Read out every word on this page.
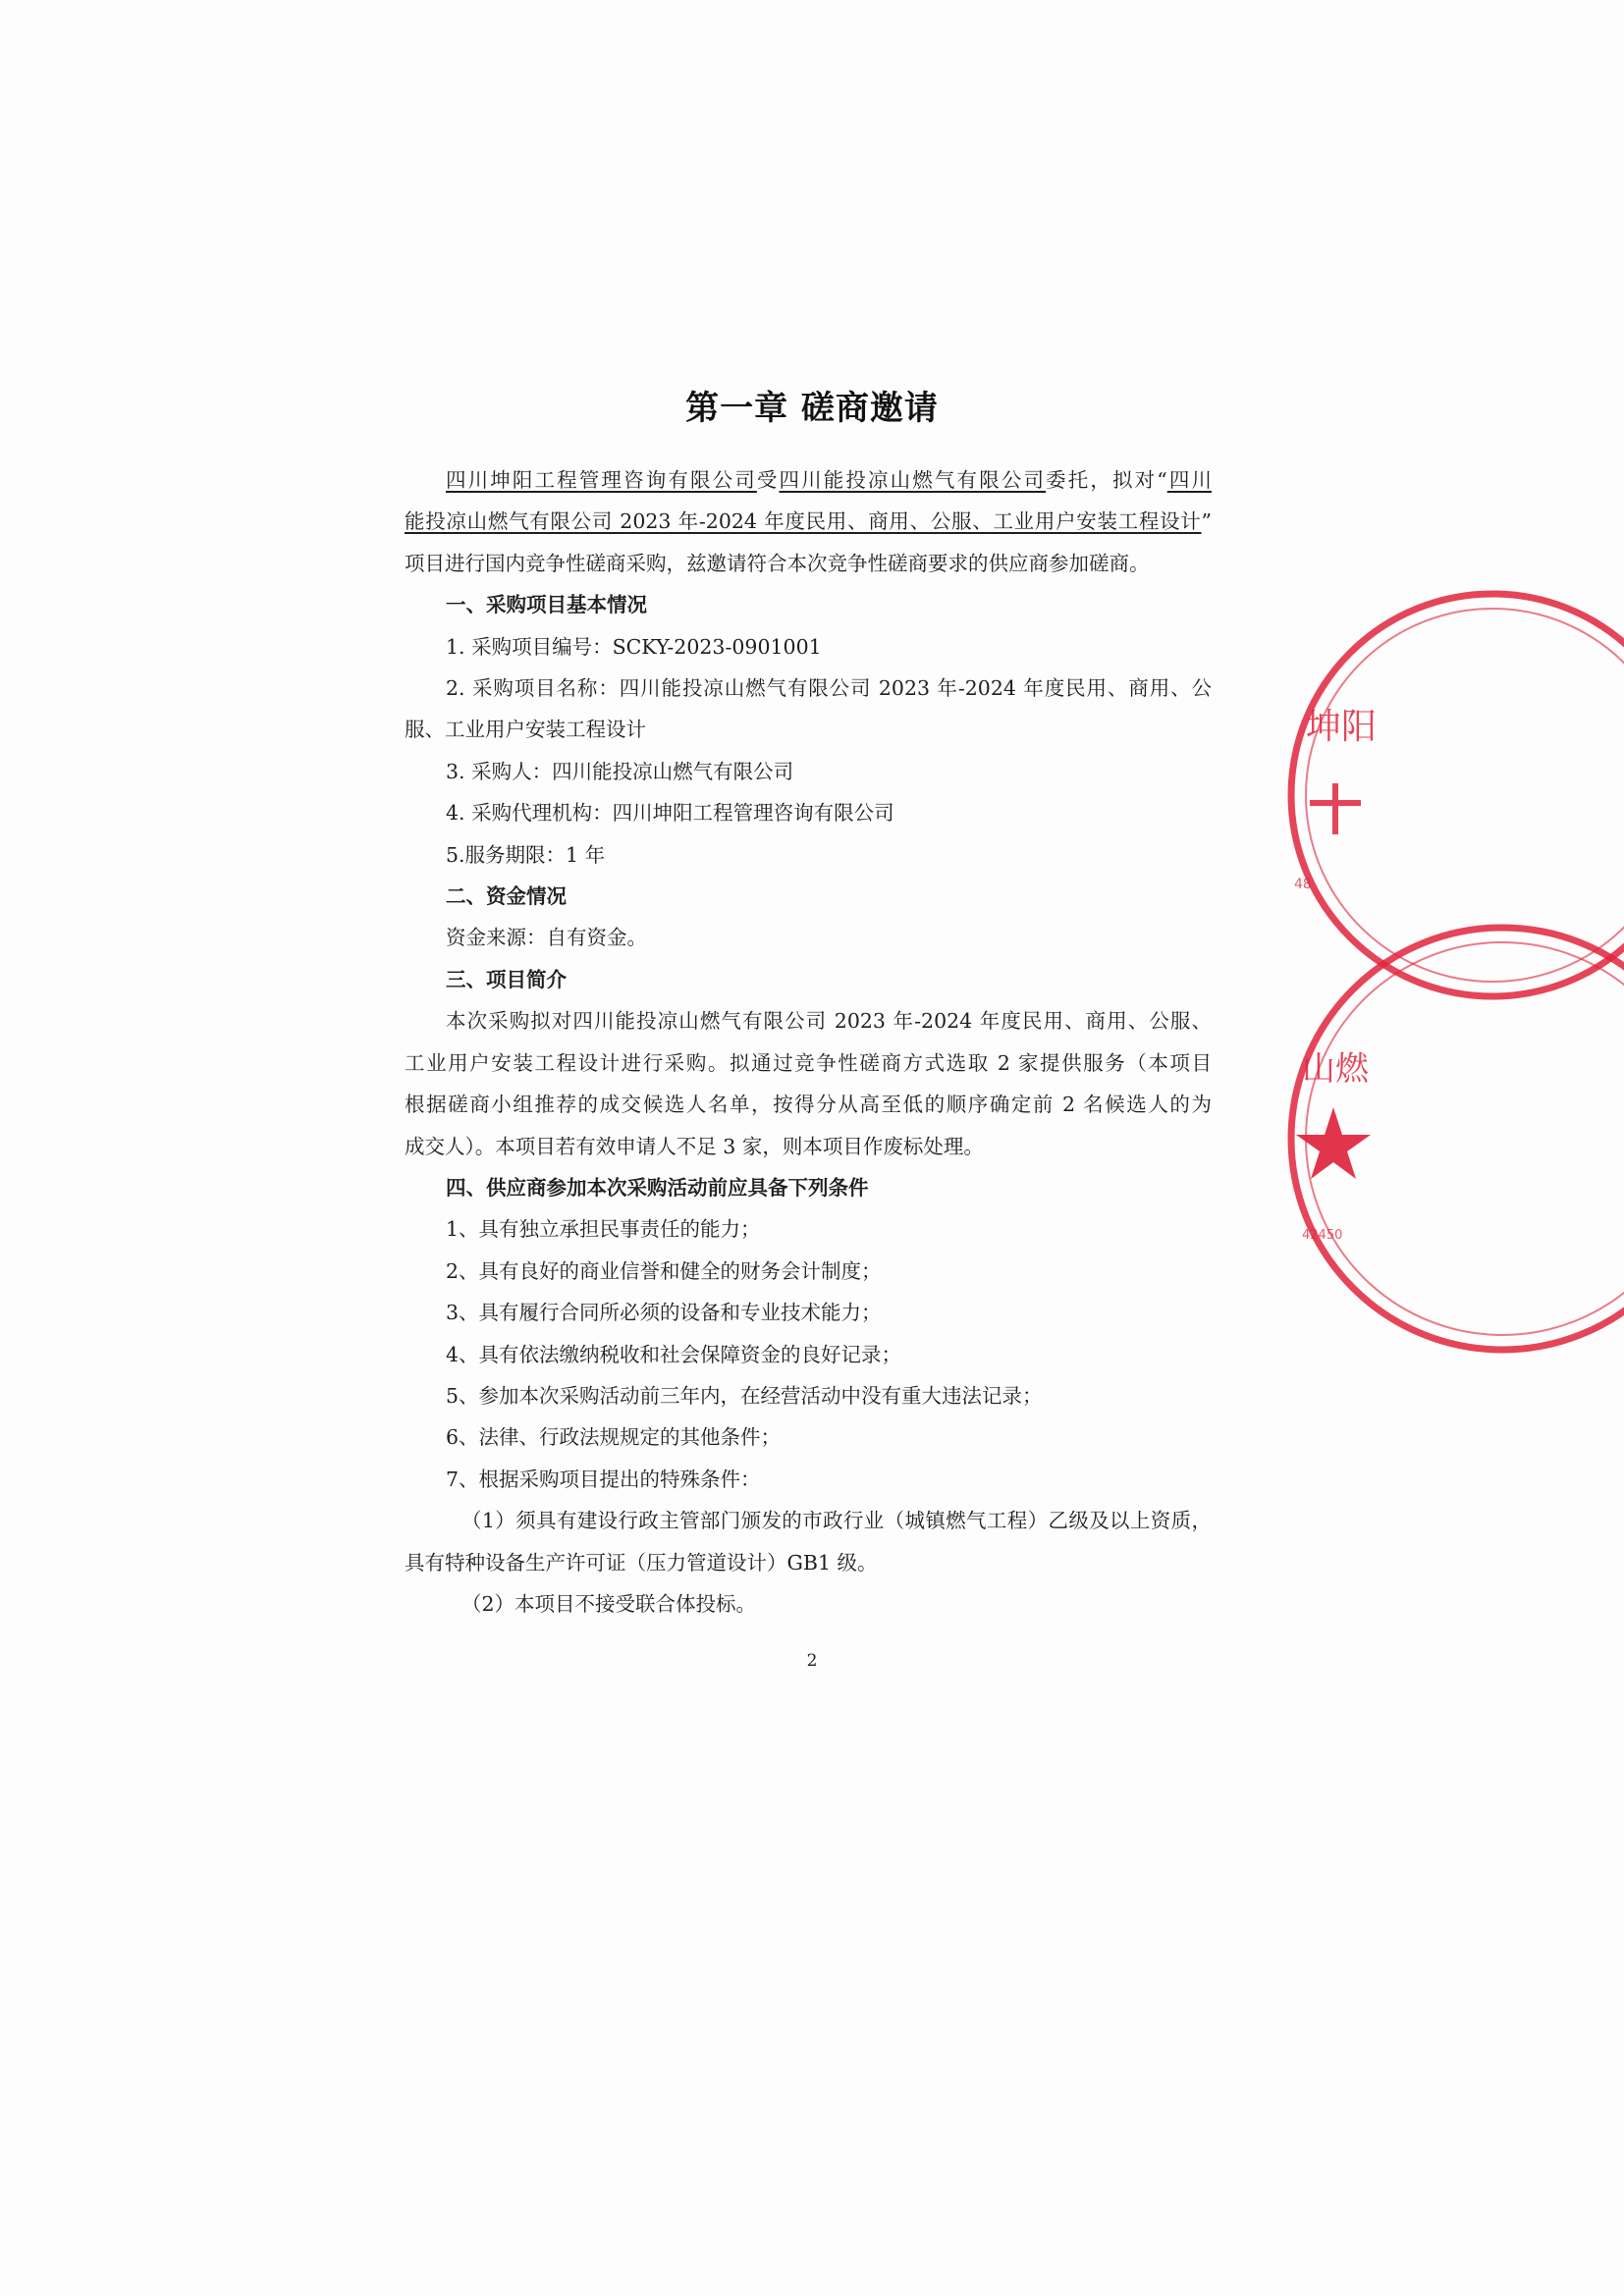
第一章 磋商邀请

四川坤阳工程管理咨询有限公司受四川能投凉山燃气有限公司委托，拟对“四川

能投凉山燃气有限公司 2023 年-2024 年度民用、商用、公服、工业用户安装工程设计”

项目进行国内竞争性磋商采购，兹邀请符合本次竞争性磋商要求的供应商参加磋商。

一、采购项目基本情况

1. 采购项目编号：SCKY-2023-0901001

2. 采购项目名称：四川能投凉山燃气有限公司 2023 年-2024 年度民用、商用、公

服、工业用户安装工程设计

3. 采购人：四川能投凉山燃气有限公司

4. 采购代理机构：四川坤阳工程管理咨询有限公司

5.服务期限：1 年

二、资金情况

资金来源：自有资金。

三、项目简介

本次采购拟对四川能投凉山燃气有限公司 2023 年-2024 年度民用、商用、公服、

工业用户安装工程设计进行采购。拟通过竞争性磋商方式选取 2 家提供服务（本项目

根据磋商小组推荐的成交候选人名单，按得分从高至低的顺序确定前 2 名候选人的为

成交人）。本项目若有效申请人不足 3 家，则本项目作废标处理。

四、供应商参加本次采购活动前应具备下列条件

1、具有独立承担民事责任的能力；

2、具有良好的商业信誉和健全的财务会计制度；

3、具有履行合同所必须的设备和专业技术能力；

4、具有依法缴纳税收和社会保障资金的良好记录；

5、参加本次采购活动前三年内，在经营活动中没有重大违法记录；

6、法律、行政法规规定的其他条件；

7、根据采购项目提出的特殊条件：

（1）须具有建设行政主管部门颁发的市政行业（城镇燃气工程）乙级及以上资质，

具有特种设备生产许可证（压力管道设计）GB1 级。

（2）本项目不接受联合体投标。

2
坤阳
48
山燃
42450
